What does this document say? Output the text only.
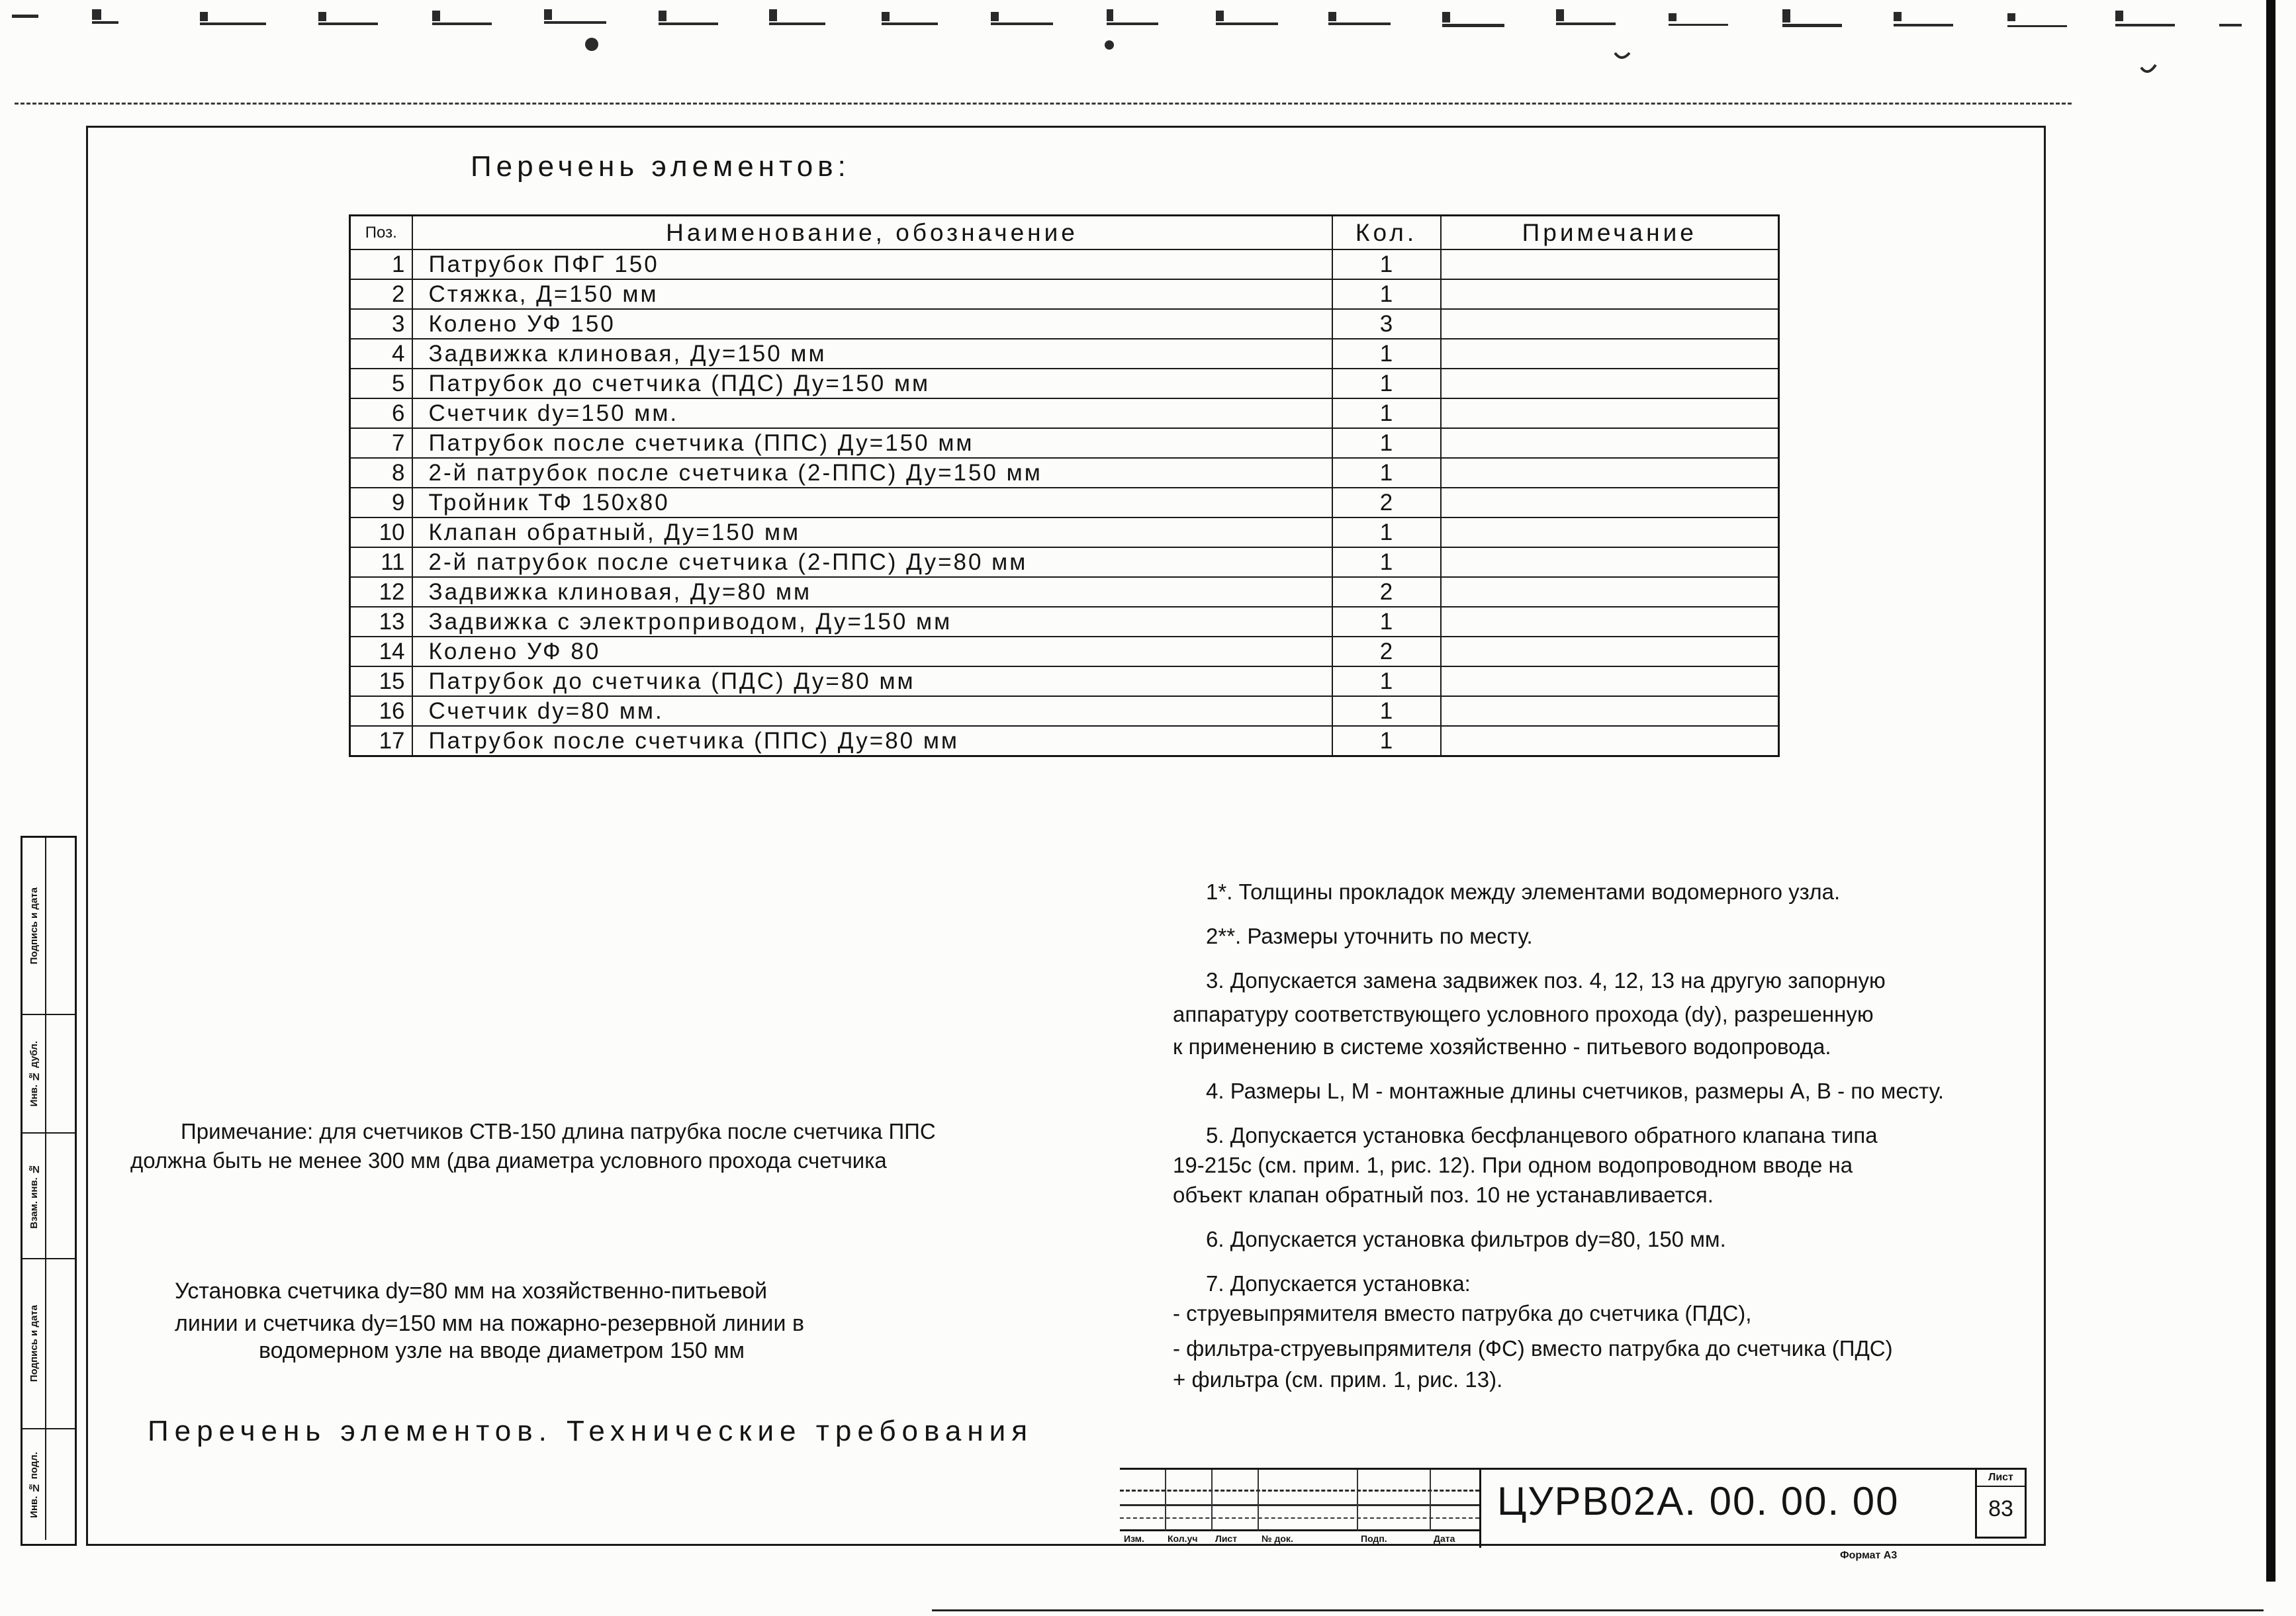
Перечень элементов:
Поз.	Наименование, обозначение	Кол.	Примечание
1	Патрубок ПФГ 150	1	
2	Стяжка, Д=150 мм	1	
3	Колено УФ 150	3	
4	Задвижка клиновая, Ду=150 мм	1	
5	Патрубок до счетчика (ПДС) Ду=150 мм	1	
6	Счетчик dy=150 мм.	1	
7	Патрубок после счетчика (ППС) Ду=150 мм	1	
8	2-й патрубок после счетчика (2-ППС) Ду=150 мм	1	
9	Тройник ТФ 150х80	2	
10	Клапан обратный, Ду=150 мм	1	
11	2-й патрубок после счетчика (2-ППС) Ду=80 мм	1	
12	Задвижка клиновая, Ду=80 мм	2	
13	Задвижка с электроприводом, Ду=150 мм	1	
14	Колено УФ 80	2	
15	Патрубок до счетчика (ПДС) Ду=80 мм	1	
16	Счетчик dy=80 мм.	1	
17	Патрубок после счетчика (ППС) Ду=80 мм	1	
1*. Толщины прокладок между элементами водомерного узла.
2**. Размеры уточнить по месту.
3. Допускается замена задвижек поз. 4, 12, 13 на другую запорную
аппаратуру соответствующего условного прохода (dy), разрешенную
к применению в системе хозяйственно - питьевого водопровода.
4. Размеры L, M - монтажные длины счетчиков, размеры А, В - по месту.
5. Допускается установка бесфланцевого обратного клапана типа
19-215с (см. прим. 1, рис. 12). При одном водопроводном вводе на
объект клапан обратный поз. 10 не устанавливается.
6. Допускается установка фильтров dy=80, 150 мм.
7. Допускается установка:
- струевыпрямителя вместо патрубка до счетчика (ПДС),
- фильтра-струевыпрямителя (ФС) вместо патрубка до счетчика (ПДС)
+ фильтра (см. прим. 1, рис. 13).
Примечание: для счетчиков СТВ-150 длина патрубка после счетчика ППС
должна быть не менее 300 мм (два диаметра условного прохода счетчика
Установка счетчика dy=80 мм на хозяйственно-питьевой
линии и счетчика dy=150 мм на пожарно-резервной линии в
водомерном узле на вводе диаметром 150 мм
Перечень элементов. Технические требования
Подпись и дата
Инв. № дубл.
Взам. инв. №
Подпись и дата
Инв. № подл.
Изм.	Кол.уч Лист	№ док.	Подп.	Дата
ЦУРВ02А. 00. 00. 00
Лист
83
Формат А3
